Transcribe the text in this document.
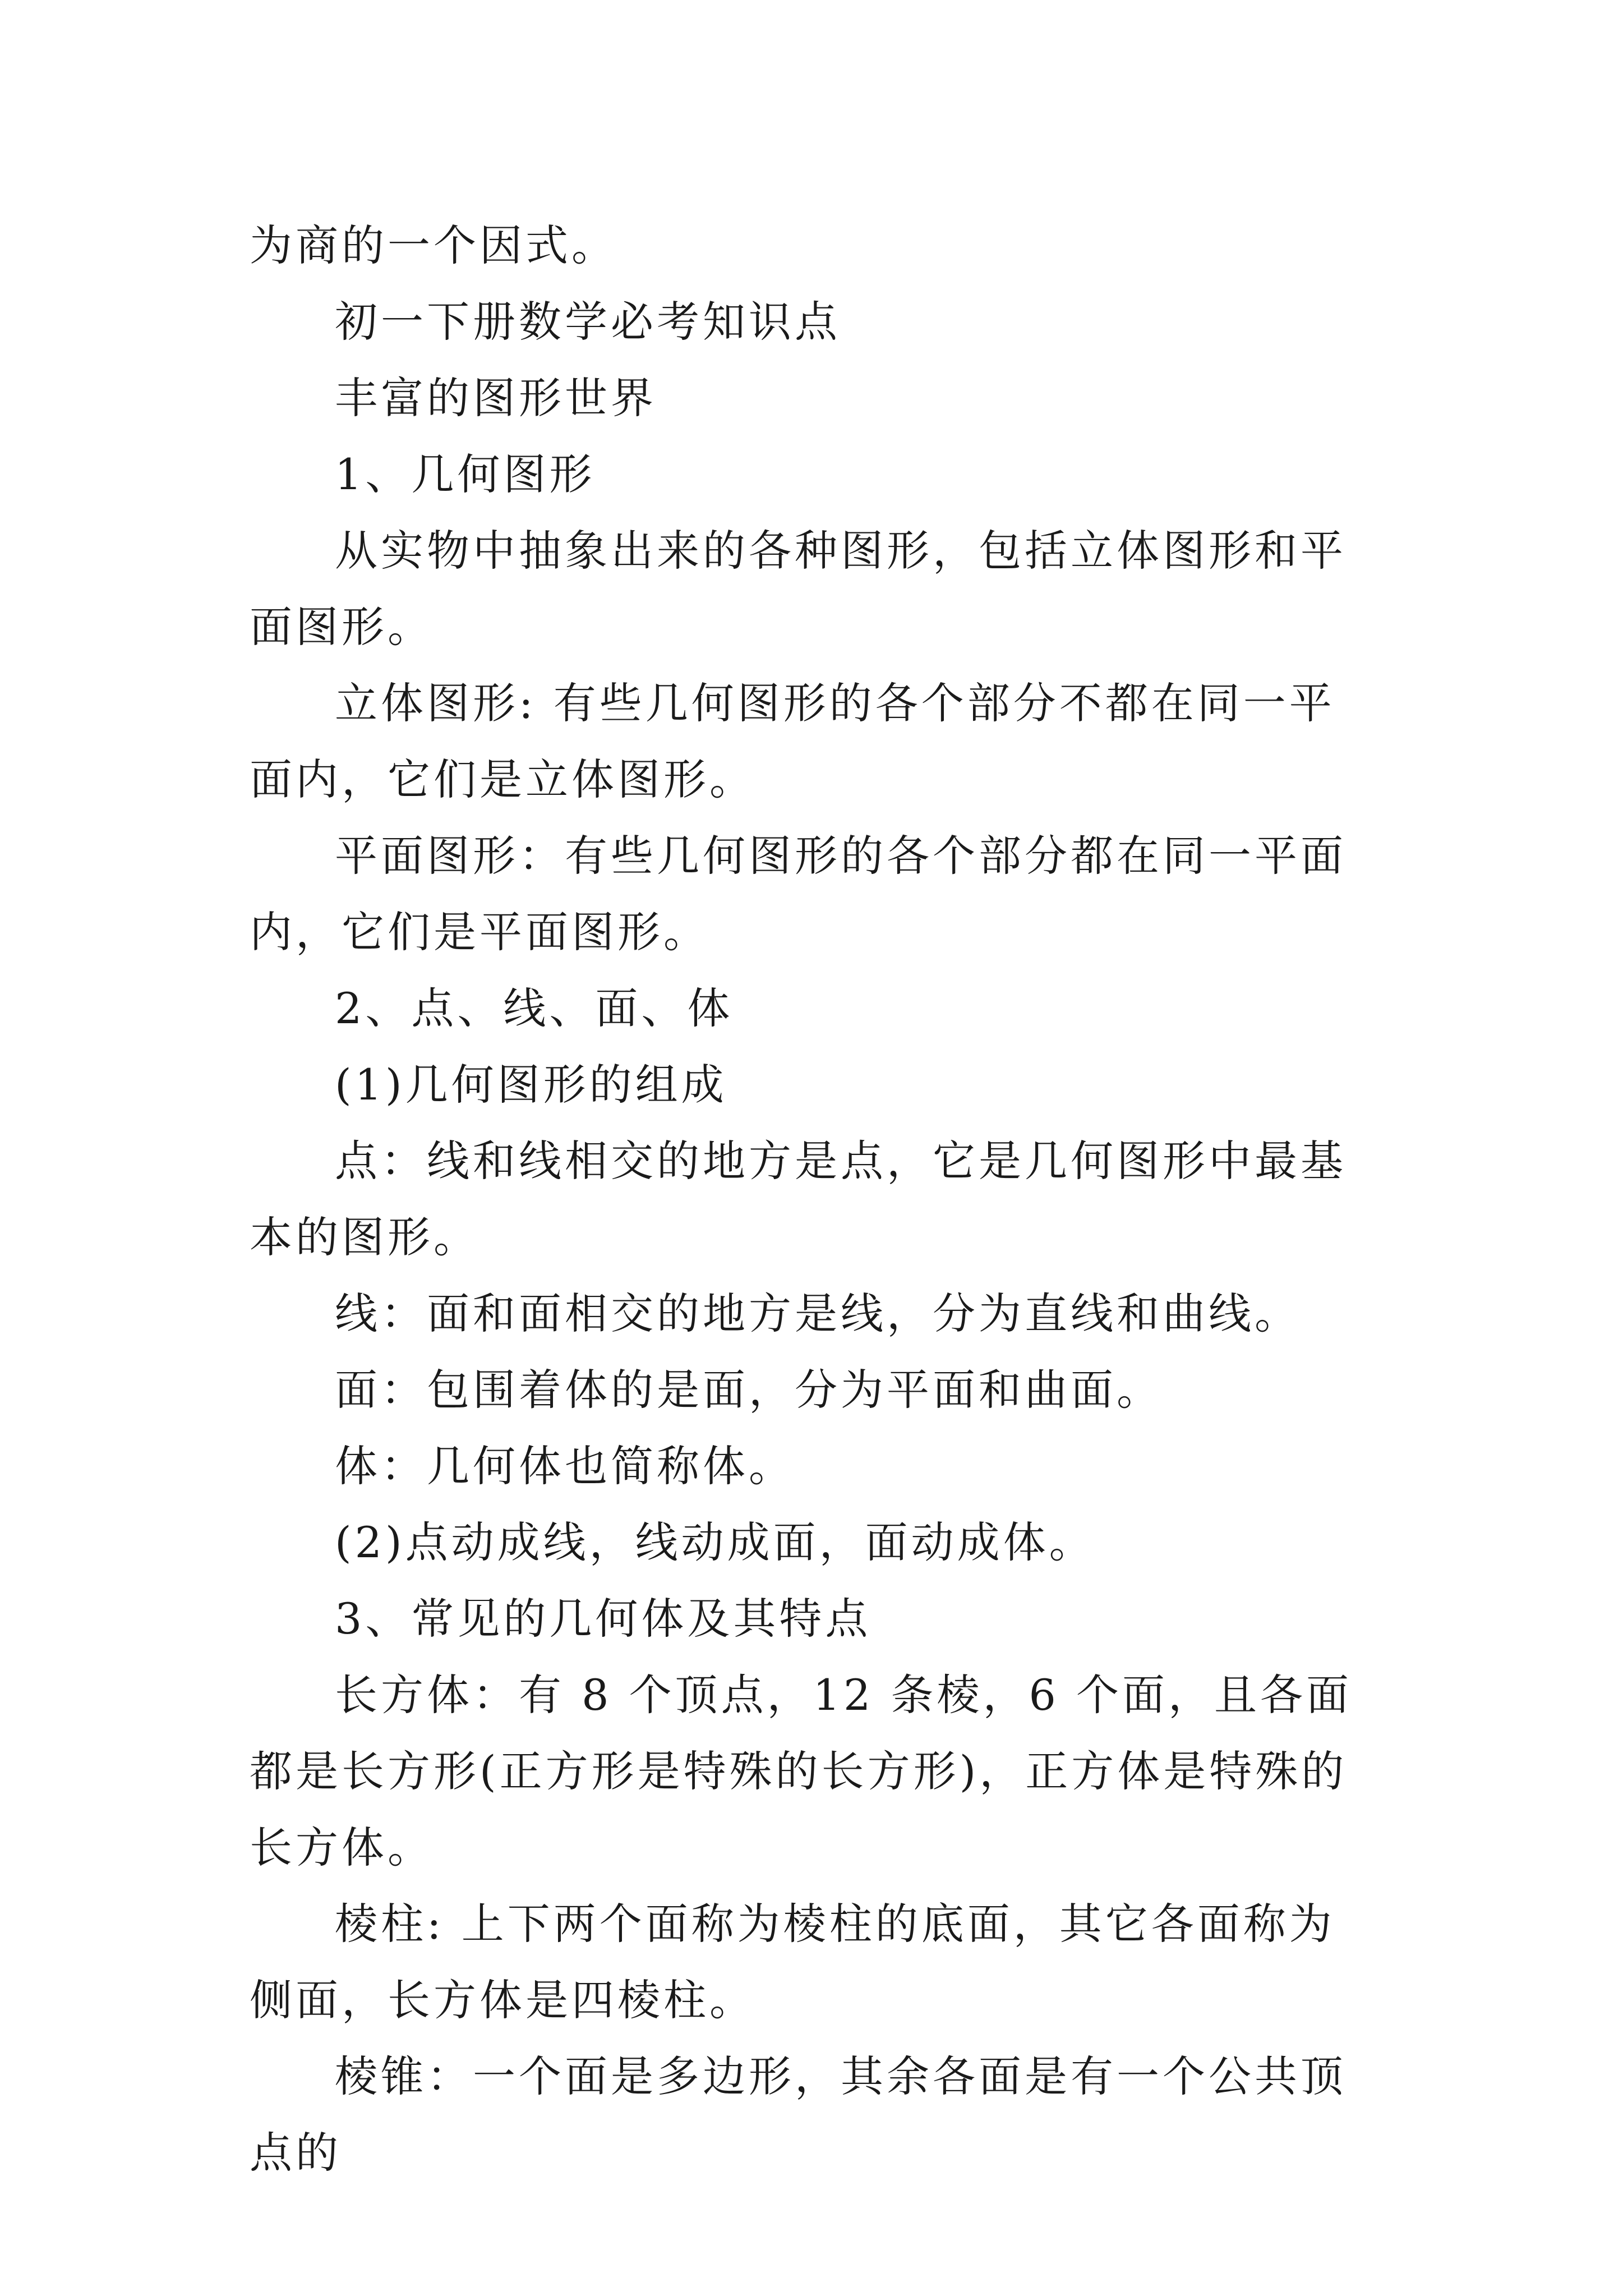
为商的一个因式。

初一下册数学必考知识点

丰富的图形世界

1、几何图形

从实物中抽象出来的各种图形，包括立体图形和平面图形。

立体图形: 有些几何图形的各个部分不都在同一平面内，它们是立体图形。

平面图形：有些几何图形的各个部分都在同一平面内，它们是平面图形。

2、点、线、面、体

(1)几何图形的组成

点：线和线相交的地方是点，它是几何图形中最基本的图形。

线：面和面相交的地方是线，分为直线和曲线。

面：包围着体的是面，分为平面和曲面。

体：几何体也简称体。

(2)点动成线，线动成面，面动成体。

3、常见的几何体及其特点

长方体：有 8 个顶点，12 条棱，6 个面，且各面都是长方形(正方形是特殊的长方形)，正方体是特殊的长方体。

棱柱: 上下两个面称为棱柱的底面，其它各面称为侧面，长方体是四棱柱。

棱锥：一个面是多边形，其余各面是有一个公共顶点的
